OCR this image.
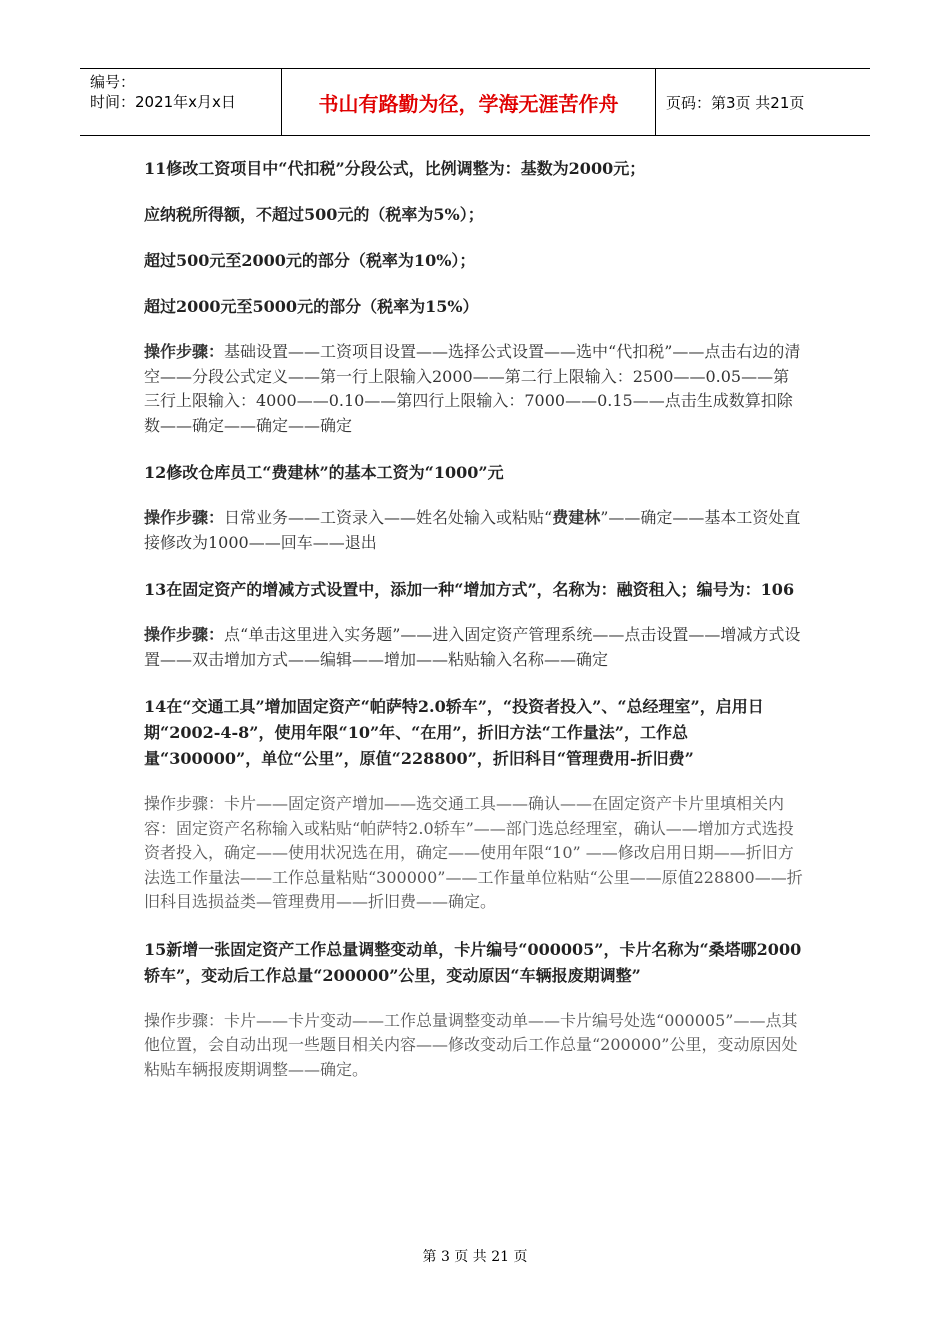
编号：
时间：2021年x月x日	书山有路勤为径，学海无涯苦作舟	页码：第3页 共21页
11修改工资项目中“代扣税”分段公式，比例调整为：基数为2000元；
应纳税所得额，不超过500元的（税率为5%）；
超过500元至2000元的部分（税率为10%）；
超过2000元至5000元的部分（税率为15%）
操作步骤：基础设置——工资项目设置——选择公式设置——选中“代扣税”——点击右边的清空——分段公式定义——第一行上限输入2000——第二行上限输入：2500——0.05——第三行上限输入：4000——0.10——第四行上限输入：7000——0.15——点击生成数算扣除数——确定——确定——确定
12修改仓库员工“费建林”的基本工资为“1000”元
操作步骤：日常业务——工资录入——姓名处输入或粘贴“费建林”——确定——基本工资处直接修改为1000——回车——退出
13在固定资产的增减方式设置中，添加一种“增加方式”，名称为：融资租入；编号为：106
操作步骤：点“单击这里进入实务题”——进入固定资产管理系统——点击设置——增减方式设置——双击增加方式——编辑——增加——粘贴输入名称——确定
14在“交通工具”增加固定资产“帕萨特2.0轿车”，“投资者投入”、“总经理室”，启用日期“2002-4-8”，使用年限“10”年、“在用”，折旧方法“工作量法”，工作总量“300000”，单位“公里”，原值“228800”，折旧科目“管理费用-折旧费”
操作步骤：卡片——固定资产增加——选交通工具——确认——在固定资产卡片里填相关内容：固定资产名称输入或粘贴“帕萨特2.0轿车”——部门选总经理室，确认——增加方式选投资者投入，确定——使用状况选在用，确定——使用年限“10” ——修改启用日期——折旧方法选工作量法——工作总量粘贴“300000”——工作量单位粘贴“公里——原值228800——折旧科目选损益类—管理费用——折旧费——确定。
15新增一张固定资产工作总量调整变动单，卡片编号“000005”，卡片名称为“桑塔哪2000轿车”，变动后工作总量“200000”公里，变动原因“车辆报废期调整”
操作步骤：卡片——卡片变动——工作总量调整变动单——卡片编号处选“000005”——点其他位置，会自动出现一些题目相关内容——修改变动后工作总量“200000”公里，变动原因处粘贴车辆报废期调整——确定。
第 3 页 共 21 页
